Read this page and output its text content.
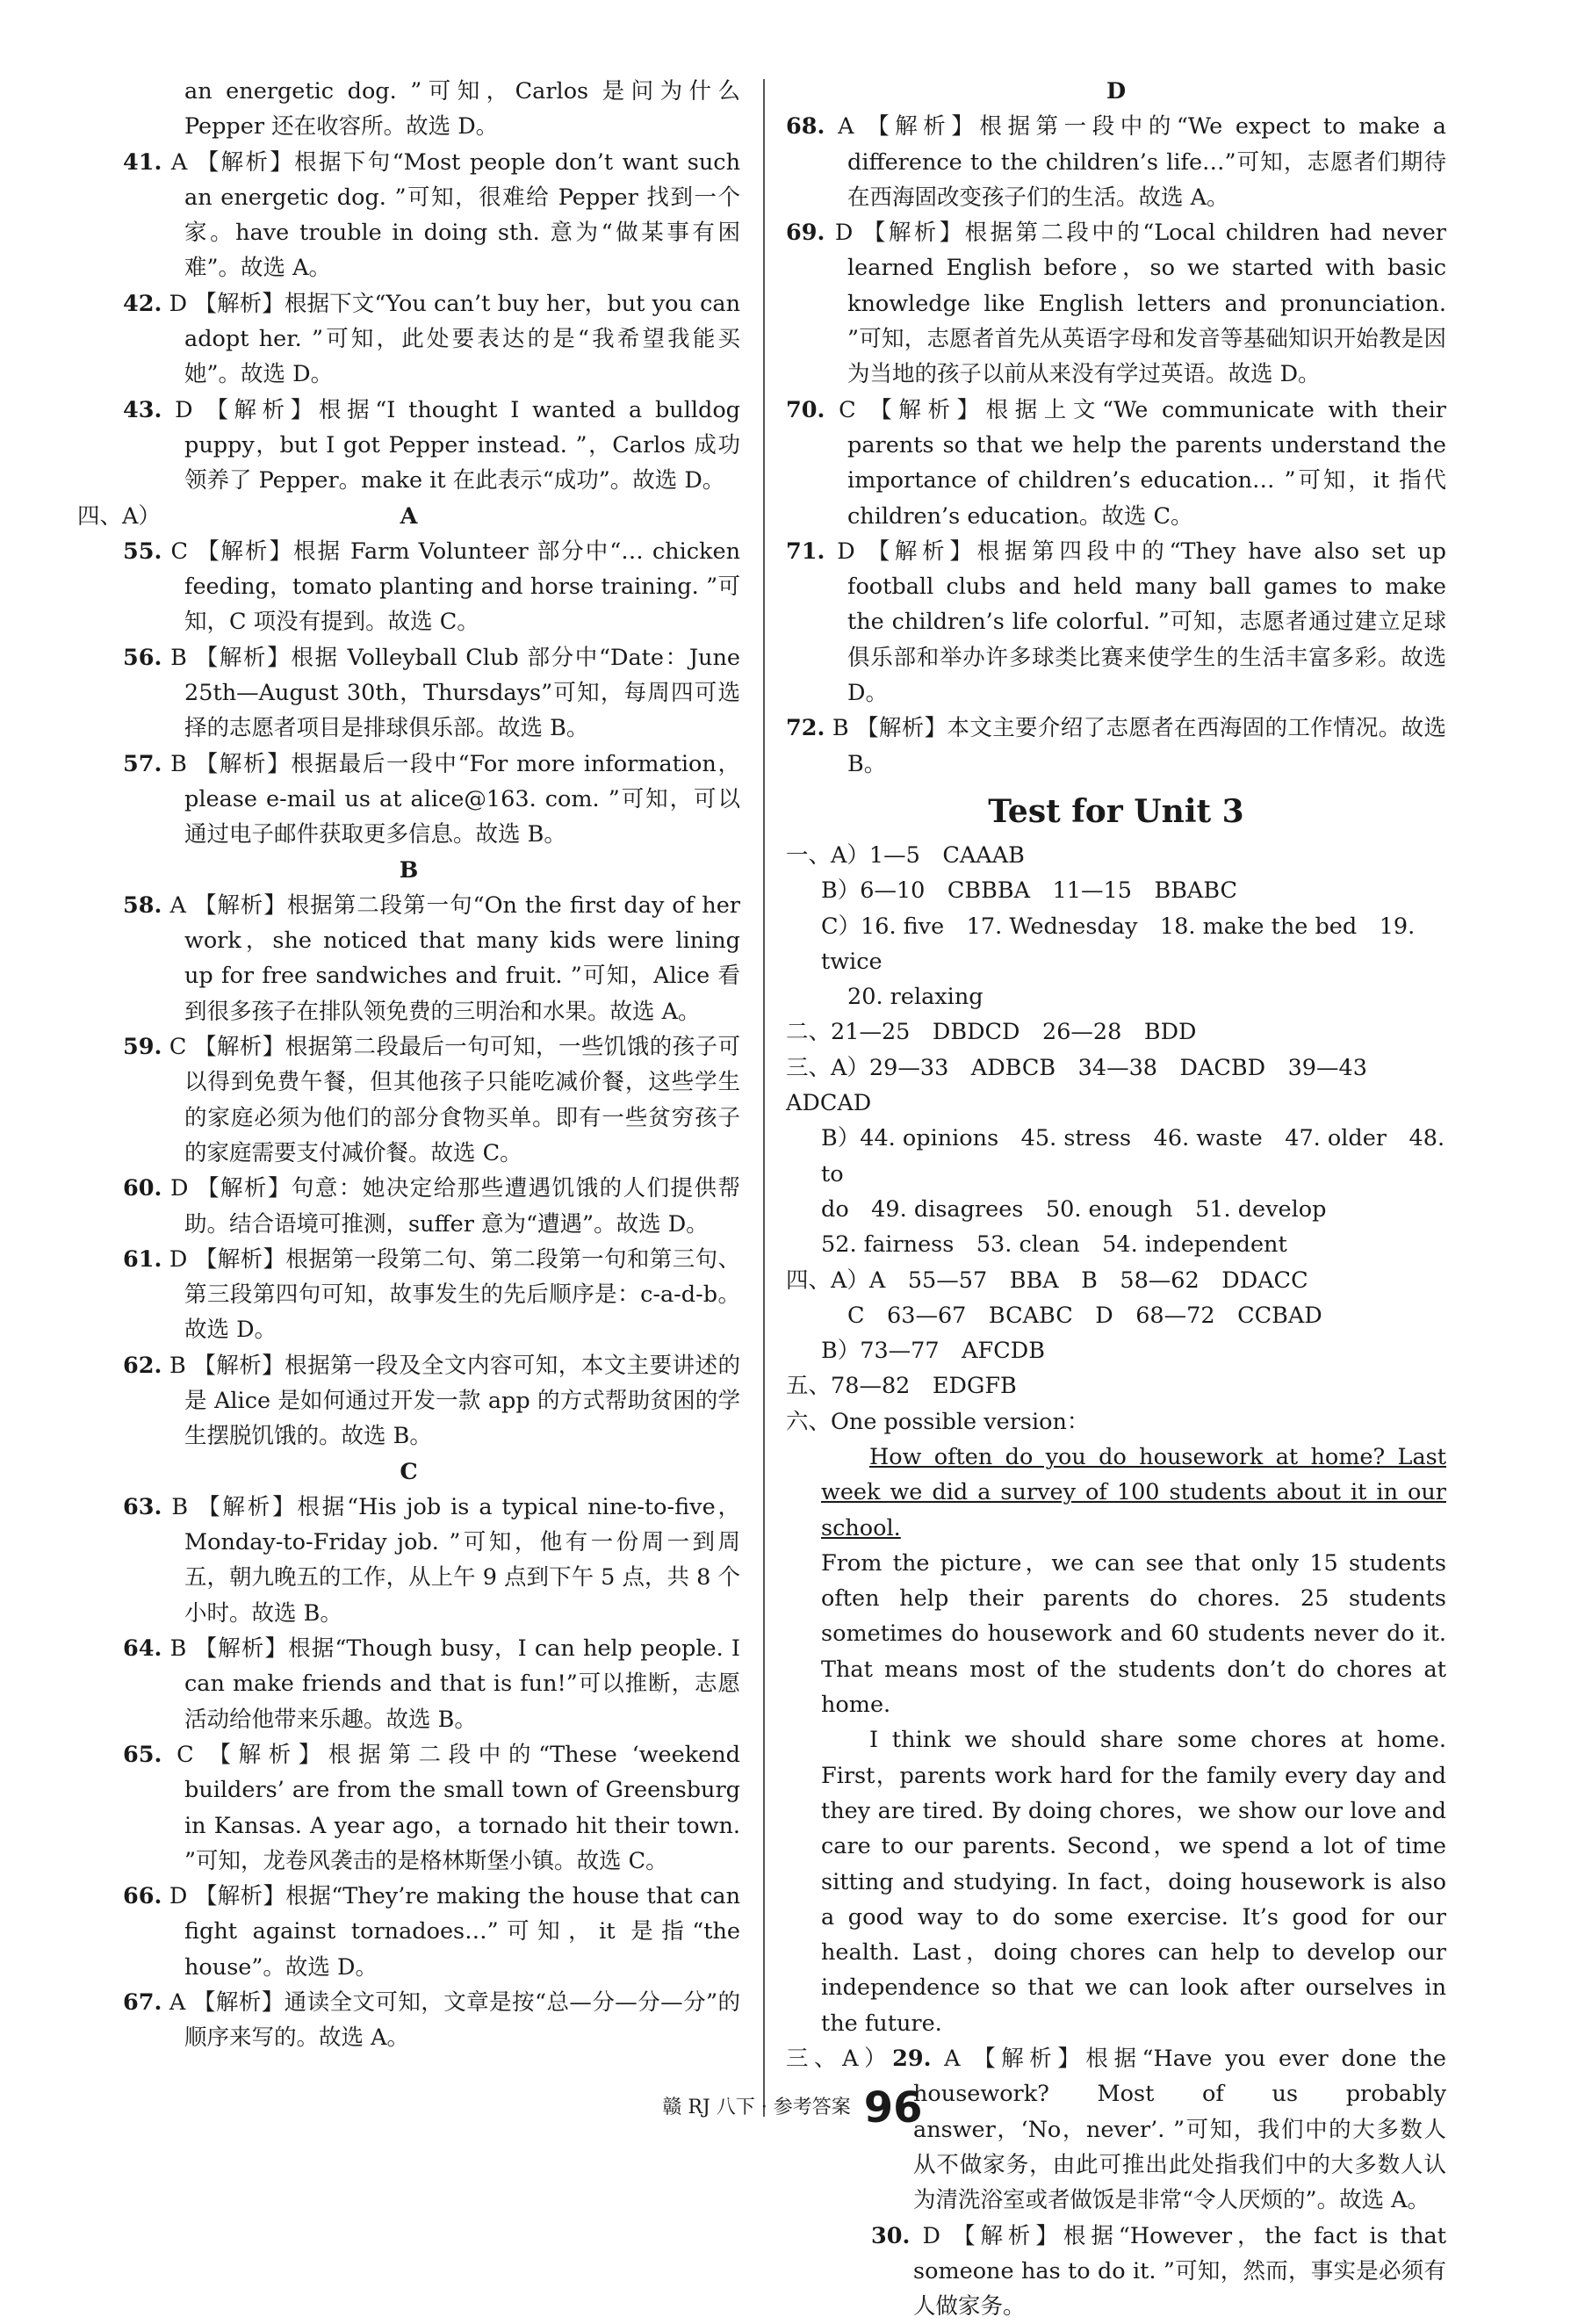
an energetic dog. ”可知，Carlos 是问为什么 Pepper 还在收容所。故选 D。

41. A 【解析】根据下句“Most people don’t want such an energetic dog. ”可知，很难给 Pepper 找到一个家。have trouble in doing sth. 意为“做某事有困难”。故选 A。

42. D 【解析】根据下文“You can’t buy her，but you can adopt her. ”可知，此处要表达的是“我希望我能买她”。故选 D。

43. D 【解析】根据“I thought I wanted a bulldog puppy，but I got Pepper instead. ”，Carlos 成功领养了 Pepper。make it 在此表示“成功”。故选 D。

四、A）	A

55. C 【解析】根据 Farm Volunteer 部分中“… chicken feeding，tomato planting and horse training. ”可知，C 项没有提到。故选 C。

56. B 【解析】根据 Volleyball Club 部分中“Date：June 25th—August 30th，Thursdays”可知，每周四可选择的志愿者项目是排球俱乐部。故选 B。

57. B 【解析】根据最后一段中“For more information，please e-mail us at alice@163. com. ”可知，可以通过电子邮件获取更多信息。故选 B。

B

58. A 【解析】根据第二段第一句“On the first day of her work，she noticed that many kids were lining up for free sandwiches and fruit. ”可知，Alice 看到很多孩子在排队领免费的三明治和水果。故选 A。

59. C 【解析】根据第二段最后一句可知，一些饥饿的孩子可以得到免费午餐，但其他孩子只能吃减价餐，这些学生的家庭必须为他们的部分食物买单。即有一些贫穷孩子的家庭需要支付减价餐。故选 C。

60. D 【解析】句意：她决定给那些遭遇饥饿的人们提供帮助。结合语境可推测，suffer 意为“遭遇”。故选 D。

61. D 【解析】根据第一段第二句、第二段第一句和第三句、第三段第四句可知，故事发生的先后顺序是：c-a-d-b。故选 D。

62. B 【解析】根据第一段及全文内容可知，本文主要讲述的是 Alice 是如何通过开发一款 app 的方式帮助贫困的学生摆脱饥饿的。故选 B。

C

63. B 【解析】根据“His job is a typical nine-to-five，Monday-to-Friday job. ”可知，他有一份周一到周五，朝九晚五的工作，从上午 9 点到下午 5 点，共 8 个小时。故选 B。

64. B 【解析】根据“Though busy，I can help people. I can make friends and that is fun!”可以推断，志愿活动给他带来乐趣。故选 B。

65. C 【解析】根据第二段中的“These ‘weekend builders’ are from the small town of Greensburg in Kansas. A year ago，a tornado hit their town. ”可知，龙卷风袭击的是格林斯堡小镇。故选 C。

66. D 【解析】根据“They’re making the house that can fight against tornadoes…”可知，it 是指“the house”。故选 D。

67. A 【解析】通读全文可知，文章是按“总—分—分—分”的顺序来写的。故选 A。

D

68. A 【解析】根据第一段中的“We expect to make a difference to the children’s life…”可知，志愿者们期待在西海固改变孩子们的生活。故选 A。

69. D 【解析】根据第二段中的“Local children had never learned English before，so we started with basic knowledge like English letters and pronunciation. ”可知，志愿者首先从英语字母和发音等基础知识开始教是因为当地的孩子以前从来没有学过英语。故选 D。

70. C 【解析】根据上文“We communicate with their parents so that we help the parents understand the importance of children’s education… ”可知，it 指代 children’s education。故选 C。

71. D 【解析】根据第四段中的“They have also set up football clubs and held many ball games to make the children’s life colorful. ”可知，志愿者通过建立足球俱乐部和举办许多球类比赛来使学生的生活丰富多彩。故选 D。

72. B 【解析】本文主要介绍了志愿者在西海固的工作情况。故选 B。

Test for Unit 3

一、A）1—5　CAAAB

B）6—10　CBBBA　11—15　BBABC

C）16. five　17. Wednesday　18. make the bed　19. twice

20. relaxing

二、21—25　DBDCD　26—28　BDD

三、A）29—33　ADBCB　34—38　DACBD　39—43　ADCAD

B）44. opinions　45. stress　46. waste　47. older　48. to

do　49. disagrees　50. enough　51. develop

52. fairness　53. clean　54. independent

四、A）A　55—57　BBA　B　58—62　DDACC

C　63—67　BCABC　D　68—72　CCBAD

B）73—77　AFCDB

五、78—82　EDGFB

六、One possible version：

How often do you do housework at home? Last week we did a survey of 100 students about it in our school.

From the picture，we can see that only 15 students often help their parents do chores. 25 students sometimes do housework and 60 students never do it. That means most of the students don’t do chores at home.

I think we should share some chores at home. First，parents work hard for the family every day and they are tired. By doing chores，we show our love and care to our parents. Second，we spend a lot of time sitting and studying. In fact，doing housework is also a good way to do some exercise. It’s good for our health. Last，doing chores can help to develop our independence so that we can look after ourselves in the future.

三、A）29. A 【解析】根据“Have you ever done the housework? Most of us probably answer，‘No，never’. ”可知，我们中的大多数人从不做家务，由此可推出此处指我们中的大多数人认为清洗浴室或者做饭是非常“令人厌烦的”。故选 A。

30. D 【解析】根据“However，the fact is that someone has to do it. ”可知，然而，事实是必须有人做家务。

赣 RJ 八下 · 参考答案 96
